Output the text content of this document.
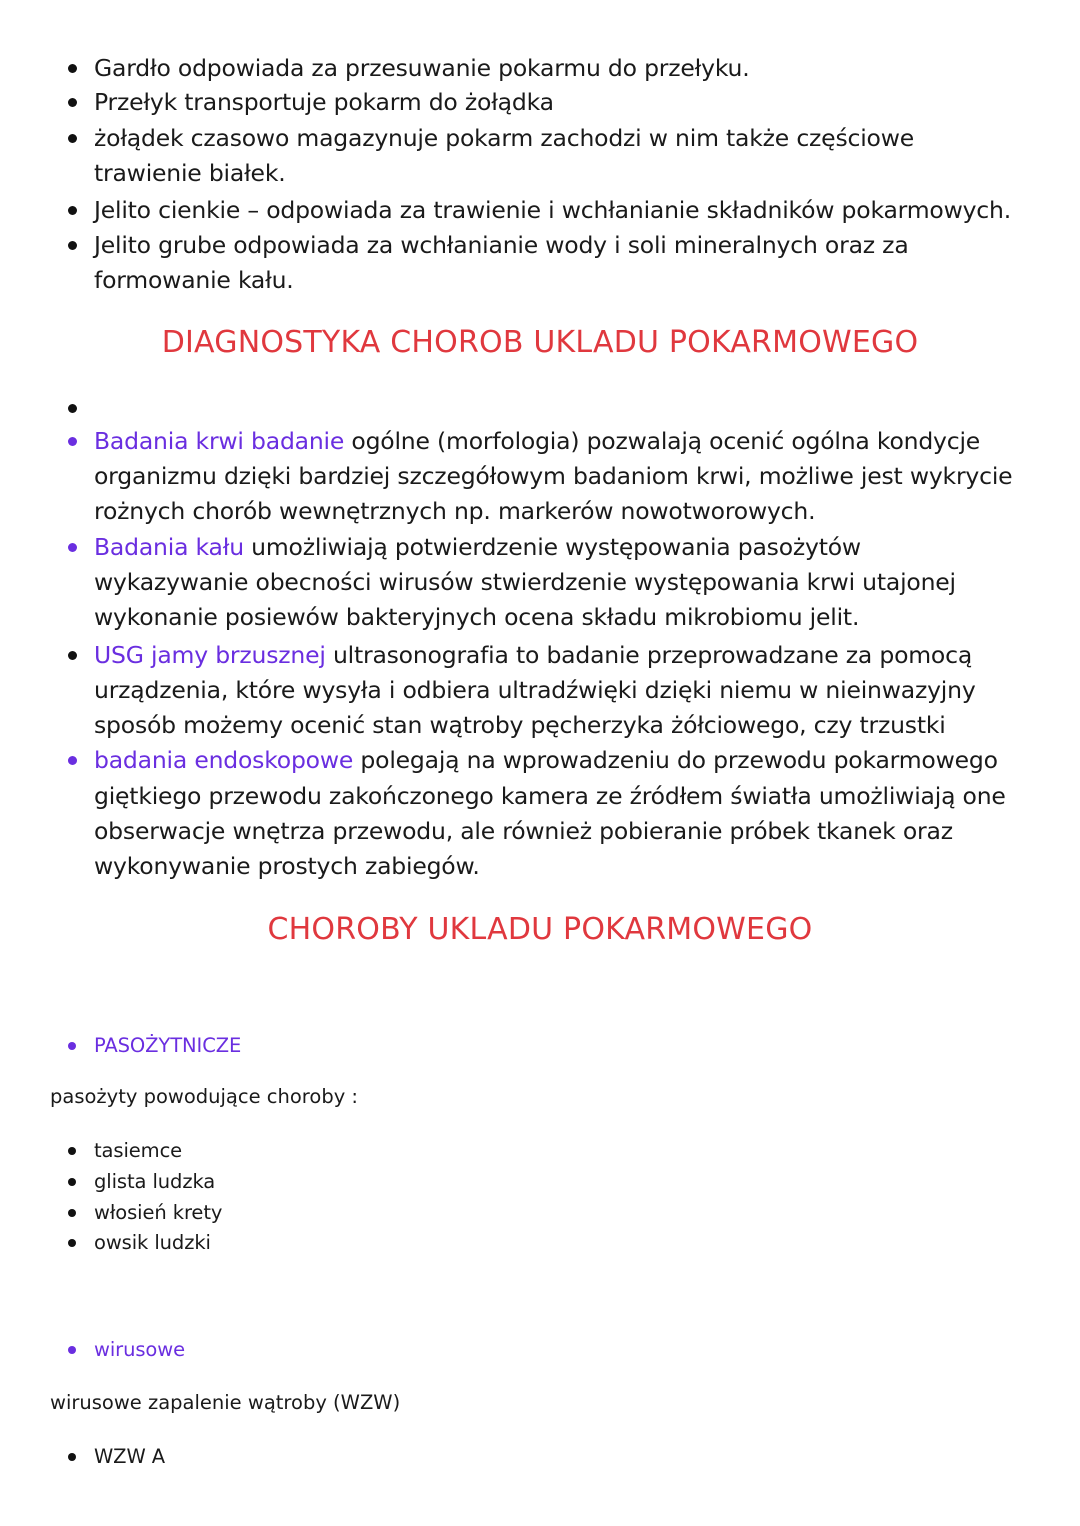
Gardło odpowiada za przesuwanie pokarmu do przełyku.
Przełyk transportuje pokarm do żołądka
żołądek czasowo magazynuje pokarm zachodzi w nim także częściowe
trawienie białek.
Jelito cienkie – odpowiada za trawienie i wchłanianie składników pokarmowych.
Jelito grube odpowiada za wchłanianie wody i soli mineralnych oraz za
formowanie kału.
DIAGNOSTYKA CHOROB UKLADU POKARMOWEGO
Badania krwi badanie ogólne (morfologia) pozwalają ocenić ogólna kondycje
organizmu dzięki bardziej szczegółowym badaniom krwi, możliwe jest wykrycie
rożnych chorób wewnętrznych np. markerów nowotworowych.
Badania kału umożliwiają potwierdzenie występowania pasożytów
wykazywanie obecności wirusów stwierdzenie występowania krwi utajonej
wykonanie posiewów bakteryjnych ocena składu mikrobiomu jelit.
USG jamy brzusznej ultrasonografia to badanie przeprowadzane za pomocą
urządzenia, które wysyła i odbiera ultradźwięki dzięki niemu w nieinwazyjny
sposób możemy ocenić stan wątroby pęcherzyka żółciowego, czy trzustki
badania endoskopowe polegają na wprowadzeniu do przewodu pokarmowego
giętkiego przewodu zakończonego kamera ze źródłem światła umożliwiają one
obserwacje wnętrza przewodu, ale również pobieranie próbek tkanek oraz
wykonywanie prostych zabiegów.
CHOROBY UKLADU POKARMOWEGO
PASOŻYTNICZE
pasożyty powodujące choroby :
tasiemce
glista ludzka
włosień krety
owsik ludzki
wirusowe
wirusowe zapalenie wątroby (WZW)
WZW A
